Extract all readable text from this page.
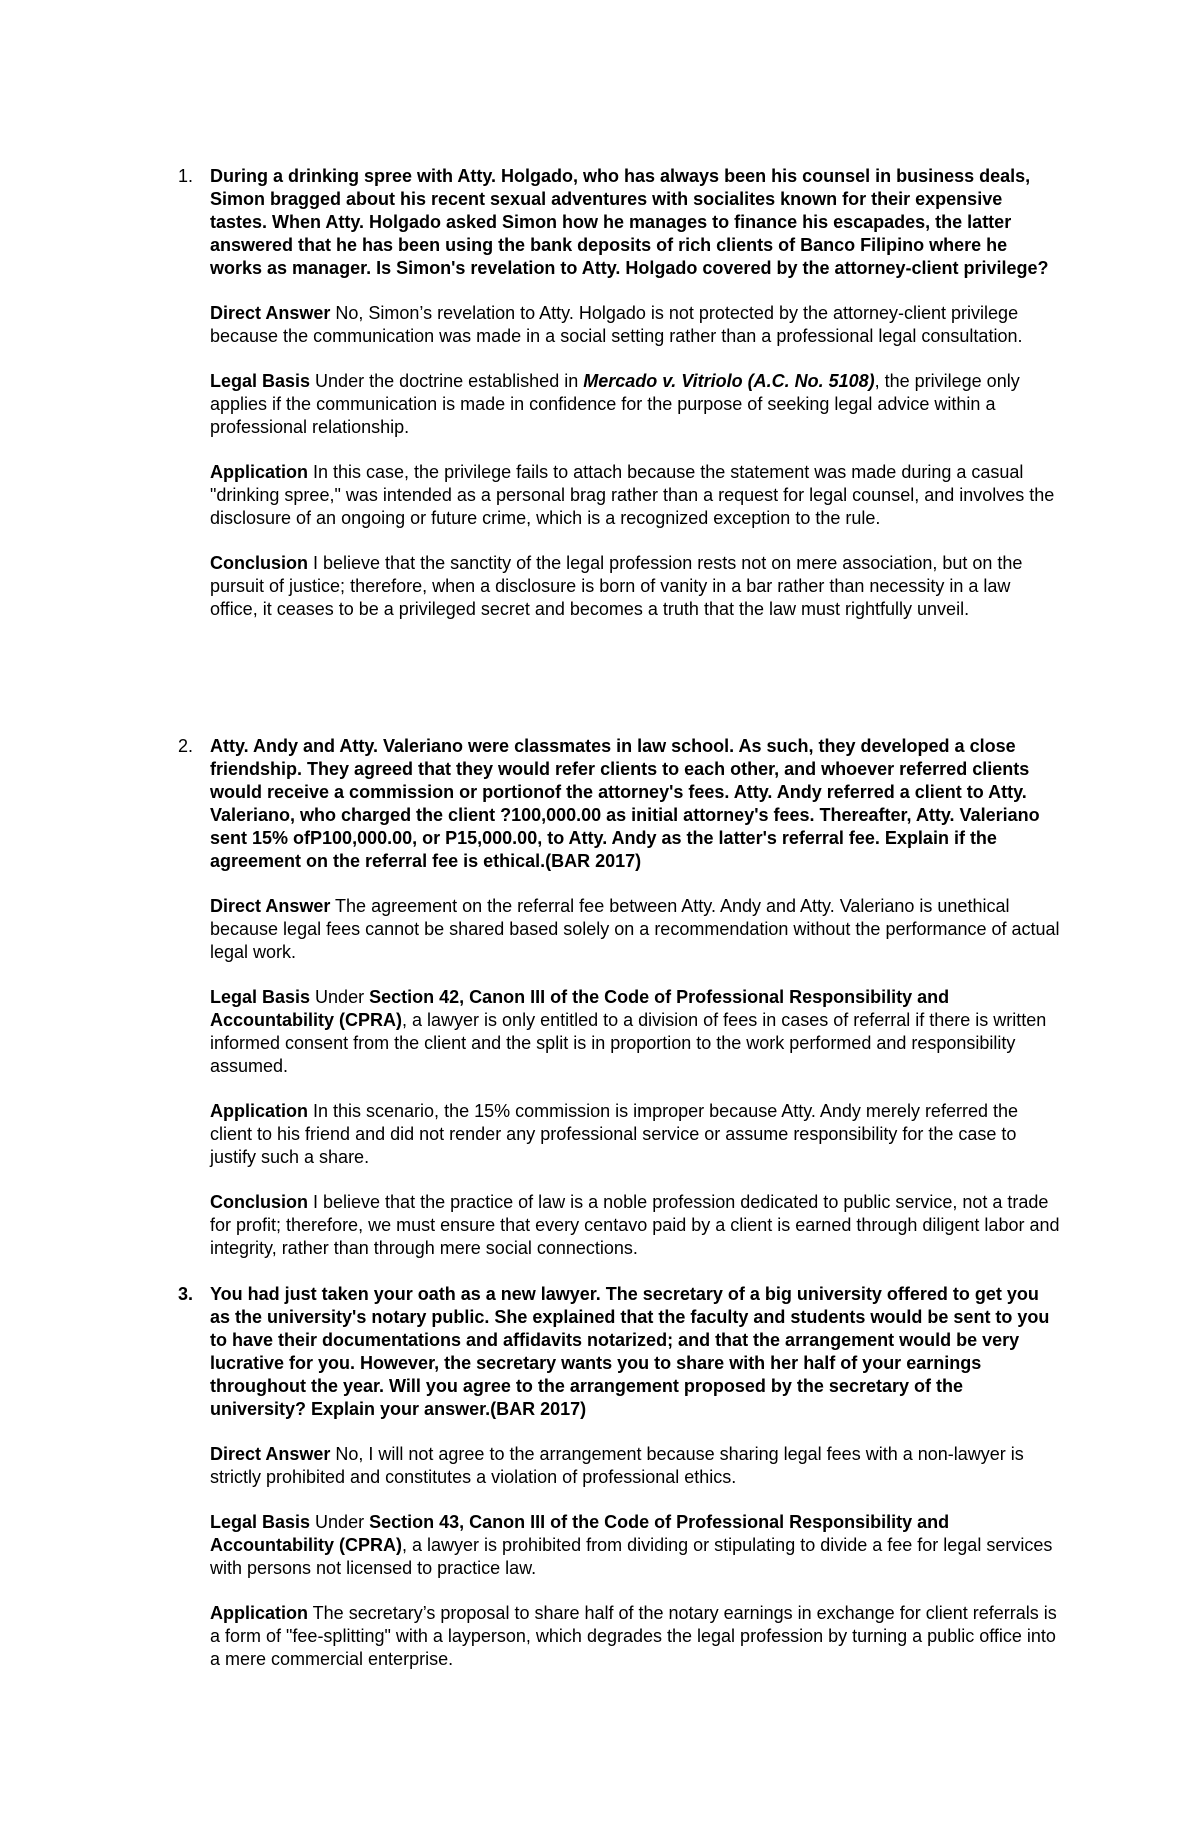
1. During a drinking spree with Atty. Holgado, who has always been his counsel in business deals, Simon bragged about his recent sexual adventures with socialites known for their expensive tastes. When Atty. Holgado asked Simon how he manages to finance his escapades, the latter answered that he has been using the bank deposits of rich clients of Banco Filipino where he works as manager. Is Simon's revelation to Atty. Holgado covered by the attorney-client privilege?

Direct Answer No, Simon’s revelation to Atty. Holgado is not protected by the attorney-client privilege because the communication was made in a social setting rather than a professional legal consultation.

Legal Basis Under the doctrine established in Mercado v. Vitriolo (A.C. No. 5108), the privilege only applies if the communication is made in confidence for the purpose of seeking legal advice within a professional relationship.

Application In this case, the privilege fails to attach because the statement was made during a casual "drinking spree," was intended as a personal brag rather than a request for legal counsel, and involves the disclosure of an ongoing or future crime, which is a recognized exception to the rule.

Conclusion I believe that the sanctity of the legal profession rests not on mere association, but on the pursuit of justice; therefore, when a disclosure is born of vanity in a bar rather than necessity in a law office, it ceases to be a privileged secret and becomes a truth that the law must rightfully unveil.

2. Atty. Andy and Atty. Valeriano were classmates in law school. As such, they developed a close friendship. They agreed that they would refer clients to each other, and whoever referred clients would receive a commission or portionof the attorney's fees. Atty. Andy referred a client to Atty. Valeriano, who charged the client ?100,000.00 as initial attorney's fees. Thereafter, Atty. Valeriano sent 15% ofP100,000.00, or P15,000.00, to Atty. Andy as the latter's referral fee. Explain if the agreement on the referral fee is ethical.(BAR 2017)

Direct Answer The agreement on the referral fee between Atty. Andy and Atty. Valeriano is unethical because legal fees cannot be shared based solely on a recommendation without the performance of actual legal work.

Legal Basis Under Section 42, Canon III of the Code of Professional Responsibility and Accountability (CPRA), a lawyer is only entitled to a division of fees in cases of referral if there is written informed consent from the client and the split is in proportion to the work performed and responsibility assumed.

Application In this scenario, the 15% commission is improper because Atty. Andy merely referred the client to his friend and did not render any professional service or assume responsibility for the case to justify such a share.

Conclusion I believe that the practice of law is a noble profession dedicated to public service, not a trade for profit; therefore, we must ensure that every centavo paid by a client is earned through diligent labor and integrity, rather than through mere social connections.

3. You had just taken your oath as a new lawyer. The secretary of a big university offered to get you as the university's notary public. She explained that the faculty and students would be sent to you to have their documentations and affidavits notarized; and that the arrangement would be very lucrative for you. However, the secretary wants you to share with her half of your earnings throughout the year. Will you agree to the arrangement proposed by the secretary of the university? Explain your answer.(BAR 2017)

Direct Answer No, I will not agree to the arrangement because sharing legal fees with a non-lawyer is strictly prohibited and constitutes a violation of professional ethics.

Legal Basis Under Section 43, Canon III of the Code of Professional Responsibility and Accountability (CPRA), a lawyer is prohibited from dividing or stipulating to divide a fee for legal services with persons not licensed to practice law.

Application The secretary’s proposal to share half of the notary earnings in exchange for client referrals is a form of "fee-splitting" with a layperson, which degrades the legal profession by turning a public office into a mere commercial enterprise.
